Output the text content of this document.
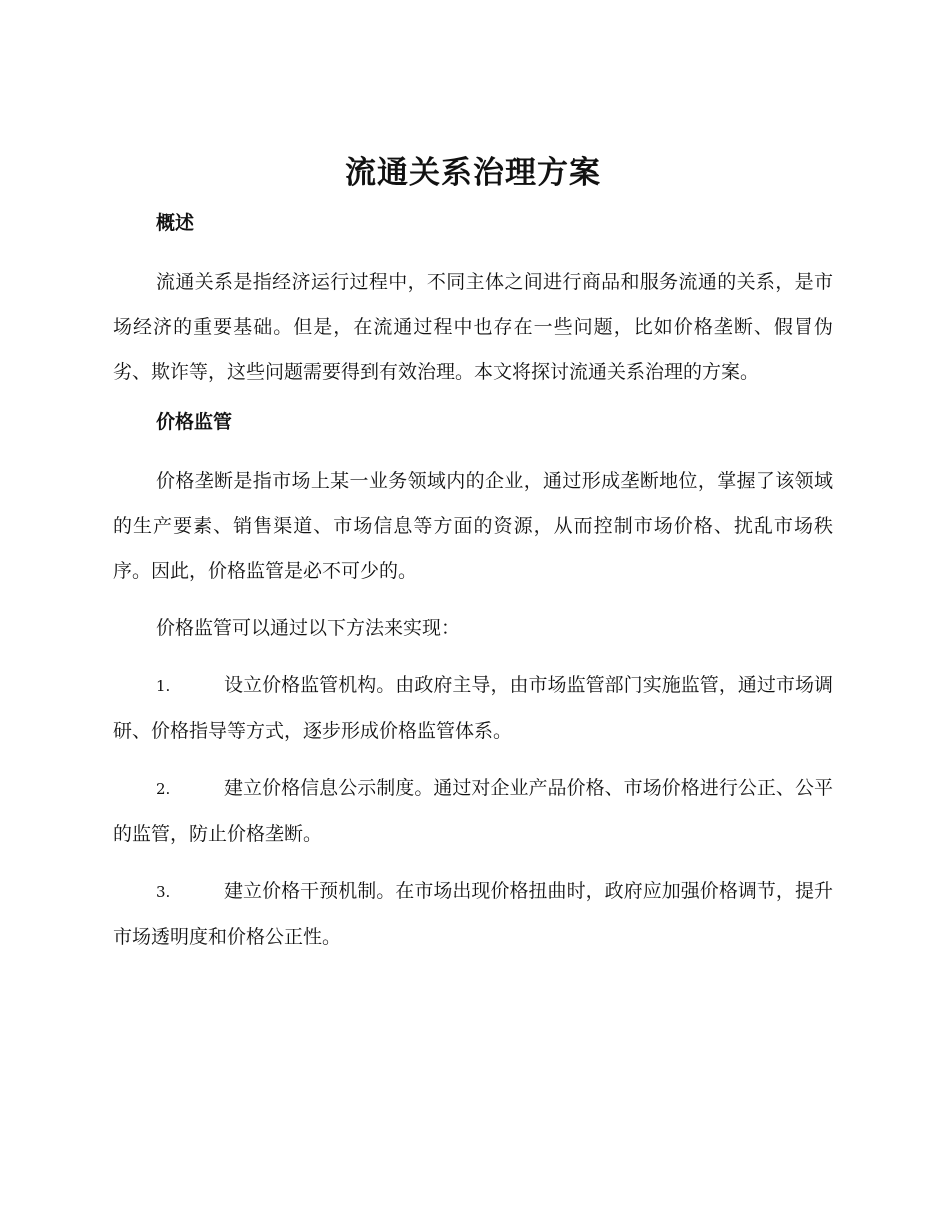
流通关系治理方案
概述

流通关系是指经济运行过程中，不同主体之间进行商品和服务流通的关系，是市场经济的重要基础。但是，在流通过程中也存在一些问题，比如价格垄断、假冒伪劣、欺诈等，这些问题需要得到有效治理。本文将探讨流通关系治理的方案。

价格监管

价格垄断是指市场上某一业务领域内的企业，通过形成垄断地位，掌握了该领域的生产要素、销售渠道、市场信息等方面的资源，从而控制市场价格、扰乱市场秩序。因此，价格监管是必不可少的。

价格监管可以通过以下方法来实现：

1.	设立价格监管机构。由政府主导，由市场监管部门实施监管，通过市场调研、价格指导等方式，逐步形成价格监管体系。

2.	建立价格信息公示制度。通过对企业产品价格、市场价格进行公正、公平的监管，防止价格垄断。

3.	建立价格干预机制。在市场出现价格扭曲时，政府应加强价格调节，提升市场透明度和价格公正性。
